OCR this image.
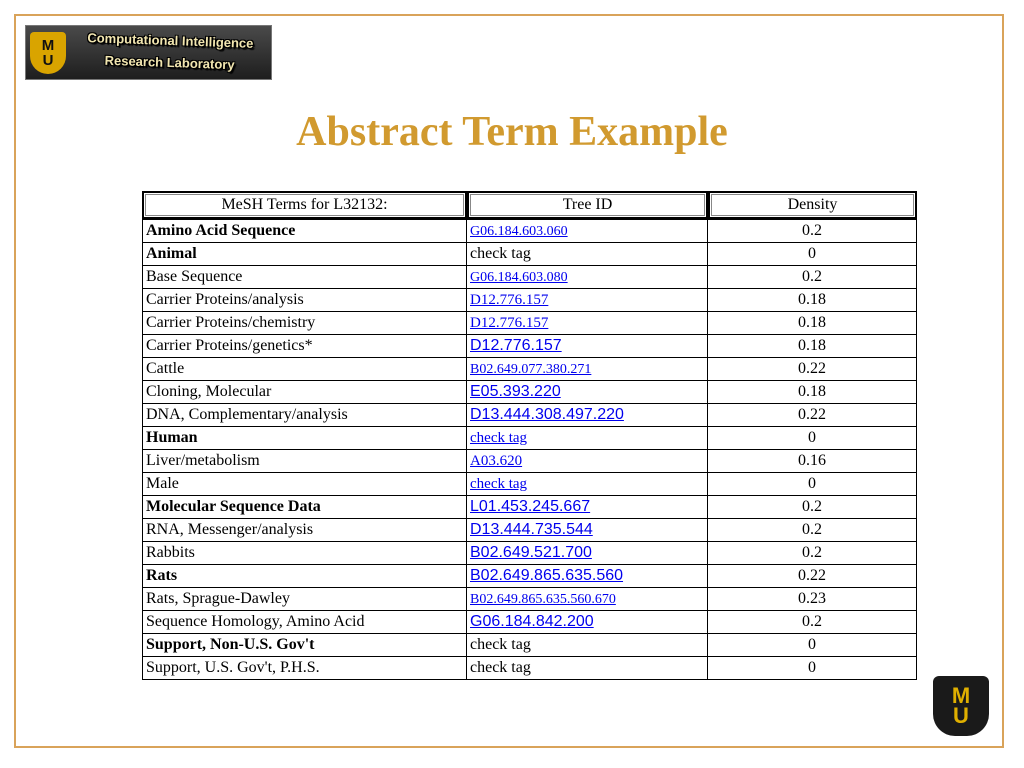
M
U
Computational Intelligence
Research Laboratory
Abstract Term Example
MeSH Terms for L32132:	Tree ID	Density
Amino Acid Sequence	G06.184.603.060	0.2
Animal	check tag	0
Base Sequence	G06.184.603.080	0.2
Carrier Proteins/analysis	D12.776.157	0.18
Carrier Proteins/chemistry	D12.776.157	0.18
Carrier Proteins/genetics*	D12.776.157	0.18
Cattle	B02.649.077.380.271	0.22
Cloning, Molecular	E05.393.220	0.18
DNA, Complementary/analysis	D13.444.308.497.220	0.22
Human	check tag	0
Liver/metabolism	A03.620	0.16
Male	check tag	0
Molecular Sequence Data	L01.453.245.667	0.2
RNA, Messenger/analysis	D13.444.735.544	0.2
Rabbits	B02.649.521.700	0.2
Rats	B02.649.865.635.560	0.22
Rats, Sprague-Dawley	B02.649.865.635.560.670	0.23
Sequence Homology, Amino Acid	G06.184.842.200	0.2
Support, Non-U.S. Gov't	check tag	0
Support, U.S. Gov't, P.H.S.	check tag	0
M
U
